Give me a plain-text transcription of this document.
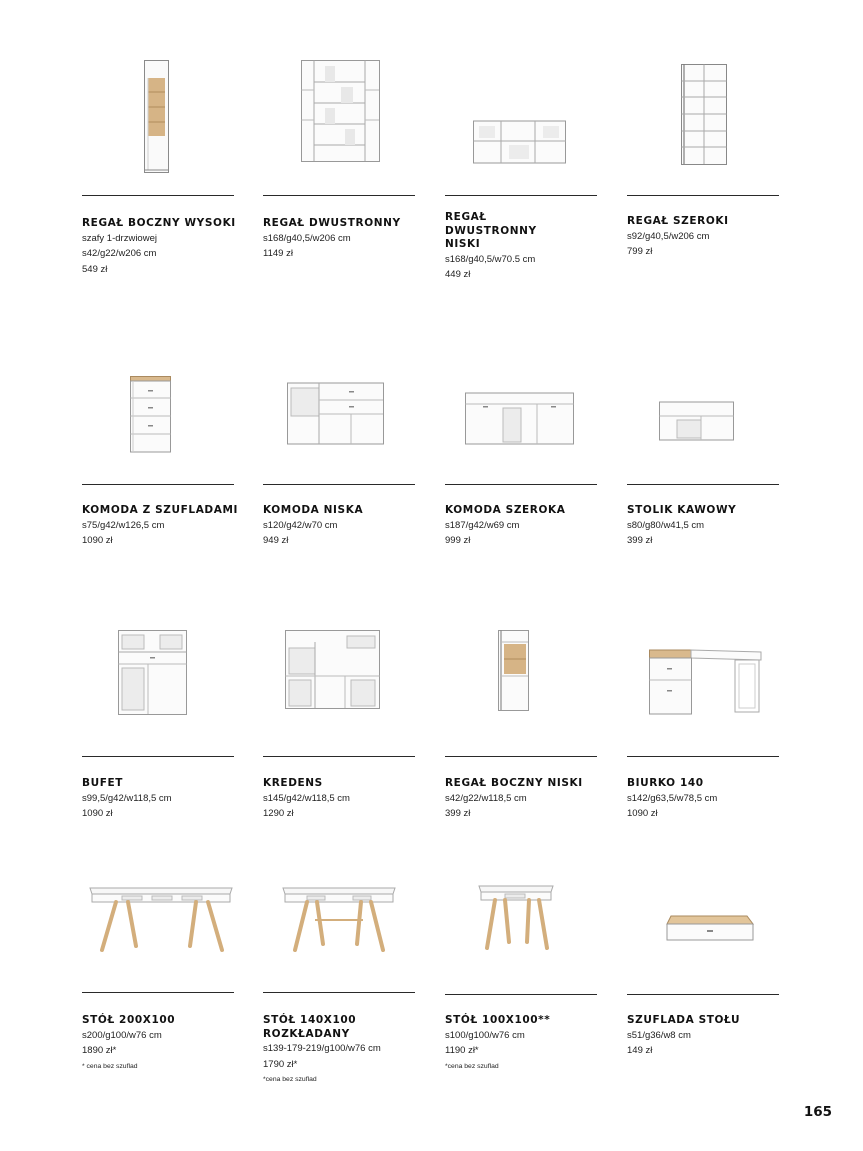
REGAŁ BOCZNY WYSOKI
szafy 1-drzwiowej
s42/g22/w206 cm
549 zł
REGAŁ DWUSTRONNY
s168/g40,5/w206 cm
1149 zł
REGAŁ DWUSTRONNY NISKI
s168/g40,5/w70.5 cm
449 zł
REGAŁ SZEROKI
s92/g40,5/w206 cm
799 zł
KOMODA Z SZUFLADAMI
s75/g42/w126,5 cm
1090 zł
KOMODA NISKA
s120/g42/w70 cm
949 zł
KOMODA SZEROKA
s187/g42/w69 cm
999 zł
STOLIK KAWOWY
s80/g80/w41,5 cm
399 zł
BUFET
s99,5/g42/w118,5 cm
1090 zł
KREDENS
s145/g42/w118,5 cm
1290 zł
REGAŁ BOCZNY NISKI
s42/g22/w118,5 cm
399 zł
BIURKO 140
s142/g63,5/w78,5 cm
1090 zł
STÓŁ 200X100
s200/g100/w76 cm
1890 zł*
* cena bez szuflad
STÓŁ 140X100 ROZKŁADANY
s139-179-219/g100/w76 cm
1790 zł*
*cena bez szuflad
STÓŁ 100X100**
s100/g100/w76 cm
1190 zł*
*cena bez szuflad
SZUFLADA STOŁU
s51/g36/w8 cm
149 zł
165
